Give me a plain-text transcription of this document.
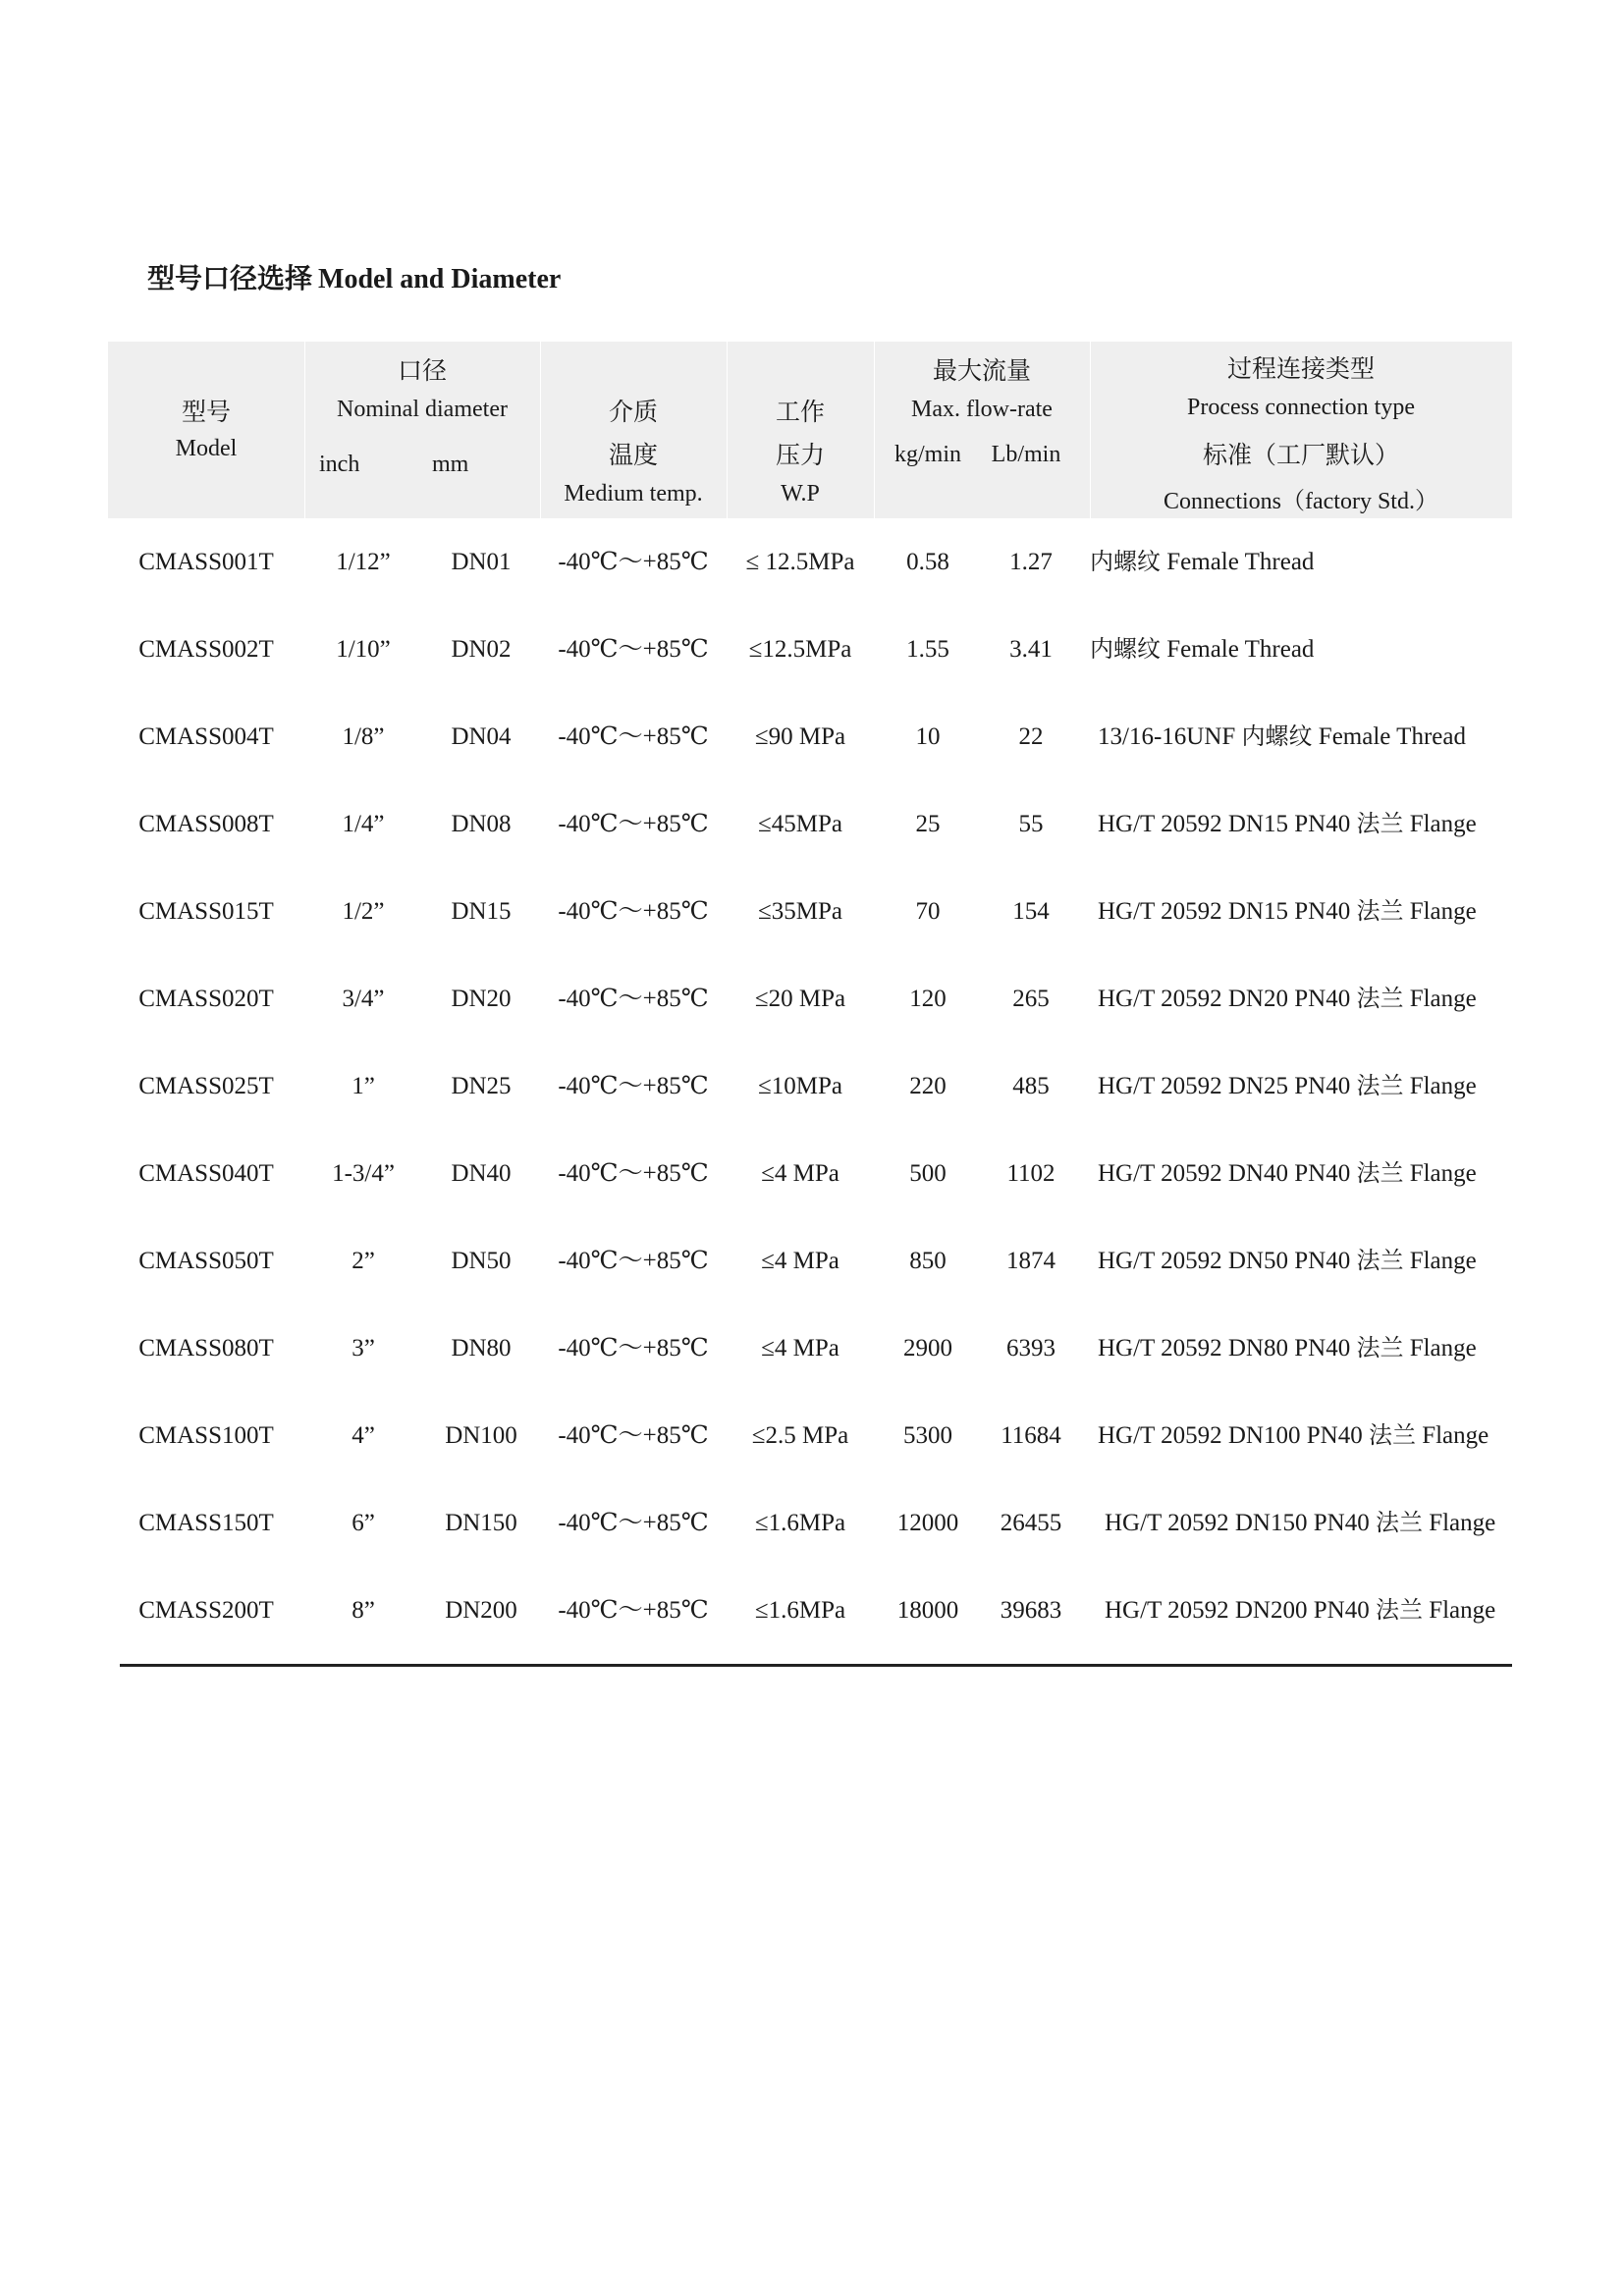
型号口径选择 Model and Diameter
型号
Model
口径
Nominal diameter
inch	mm
介质
温度
Medium temp.
工作
压力
W.P
最大流量
Max. flow-rate
kg/min	Lb/min
过程连接类型
Process connection type
标准（工厂默认）
Connections（factory Std.）
CMASS001T	1/12”	DN01	-40℃～+85℃	≤ 12.5MPa	0.58	1.27	内螺纹 Female Thread
CMASS002T	1/10”	DN02	-40℃～+85℃	≤12.5MPa	1.55	3.41	内螺纹 Female Thread
CMASS004T	1/8”	DN04	-40℃～+85℃	≤90 MPa	10	22	13/16-16UNF 内螺纹 Female Thread
CMASS008T	1/4”	DN08	-40℃～+85℃	≤45MPa	25	55	HG/T 20592 DN15 PN40 法兰 Flange
CMASS015T	1/2”	DN15	-40℃～+85℃	≤35MPa	70	154	HG/T 20592 DN15 PN40 法兰 Flange
CMASS020T	3/4”	DN20	-40℃～+85℃	≤20 MPa	120	265	HG/T 20592 DN20 PN40 法兰 Flange
CMASS025T	1”	DN25	-40℃～+85℃	≤10MPa	220	485	HG/T 20592 DN25 PN40 法兰 Flange
CMASS040T	1-3/4”	DN40	-40℃～+85℃	≤4 MPa	500	1102	HG/T 20592 DN40 PN40 法兰 Flange
CMASS050T	2”	DN50	-40℃～+85℃	≤4 MPa	850	1874	HG/T 20592 DN50 PN40 法兰 Flange
CMASS080T	3”	DN80	-40℃～+85℃	≤4 MPa	2900	6393	HG/T 20592 DN80 PN40 法兰 Flange
CMASS100T	4”	DN100	-40℃～+85℃	≤2.5 MPa	5300	11684	HG/T 20592 DN100 PN40 法兰 Flange
CMASS150T	6”	DN150	-40℃～+85℃	≤1.6MPa	12000	26455	HG/T 20592 DN150 PN40 法兰 Flange
CMASS200T	8”	DN200	-40℃～+85℃	≤1.6MPa	18000	39683	HG/T 20592 DN200 PN40 法兰 Flange
